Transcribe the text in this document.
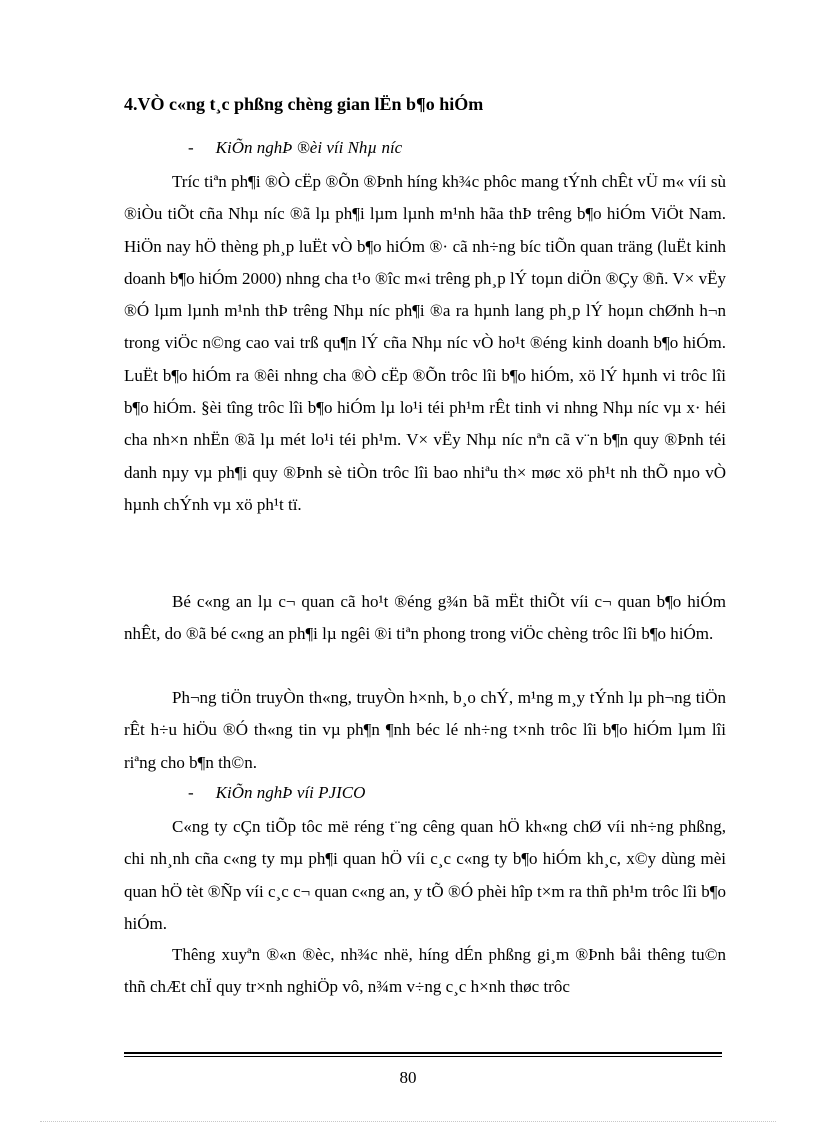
4.VÒ c«ng t¸c phßng chèng gian lËn b¶o hiÓm
- KiÕn nghÞ ®èi víi Nhµ níc
Tríc tiªn ph¶i ®Ò cËp ®Õn ®Þnh híng kh¾c phôc mang tÝnh chÊt vÜ m« víi sù ®iÒu tiÕt cña Nhµ níc ®ã lµ ph¶i lµm lµnh m¹nh hãa thÞ trêng b¶o hiÓm ViÖt Nam. HiÖn nay hÖ thèng ph¸p luËt vÒ b¶o hiÓm ®· cã nh÷ng bíc tiÕn quan träng (luËt kinh doanh b¶o hiÓm 2000) nhng cha t¹o ®îc m«i trêng ph¸p lÝ toµn diÖn ®Çy ®ñ. V× vËy ®Ó lµm lµnh m¹nh thÞ trêng Nhµ níc ph¶i ®a ra hµnh lang ph¸p lÝ hoµn chØnh h¬n trong viÖc n©ng cao vai trß qu¶n lÝ cña Nhµ níc vÒ ho¹t ®éng kinh doanh b¶o hiÓm. LuËt b¶o hiÓm ra ®êi nhng cha ®Ò cËp ®Õn trôc lîi b¶o hiÓm, xö lÝ hµnh vi trôc lîi b¶o hiÓm. §èi tîng trôc lîi b¶o hiÓm lµ lo¹i téi ph¹m rÊt tinh vi nhng Nhµ níc vµ x· héi cha nh×n nhËn ®ã lµ mét lo¹i téi ph¹m. V× vËy Nhµ níc nªn cã v¨n b¶n quy ®Þnh téi danh nµy vµ ph¶i quy ®Þnh sè tiÒn trôc lîi bao nhiªu th× møc xö ph¹t nh thÕ nµo vÒ hµnh chÝnh vµ xö ph¹t tï.
Bé c«ng an lµ c¬ quan cã ho¹t ®éng g¾n bã mËt thiÕt víi c¬ quan b¶o hiÓm nhÊt, do ®ã bé c«ng an ph¶i lµ ngêi ®i tiªn phong trong viÖc chèng trôc lîi b¶o hiÓm.
Ph¬ng tiÖn truyÒn th«ng, truyÒn h×nh, b¸o chÝ, m¹ng m¸y tÝnh lµ ph¬ng tiÖn rÊt h÷u hiÖu ®Ó th«ng tin vµ ph¶n ¶nh béc lé nh÷ng t×nh trôc lîi b¶o hiÓm lµm lîi riªng cho b¶n th©n.
- KiÕn nghÞ víi PJICO
C«ng ty cÇn tiÕp tôc më réng t¨ng cêng quan hÖ kh«ng chØ víi nh÷ng phßng, chi nh¸nh cña c«ng ty mµ ph¶i quan hÖ víi c¸c c«ng ty b¶o hiÓm kh¸c, x©y dùng mèi quan hÖ tèt ®Ñp víi c¸c c¬ quan c«ng an, y tÕ ®Ó phèi hîp t×m ra thñ ph¹m trôc lîi b¶o hiÓm.
Thêng xuyªn ®«n ®èc, nh¾c nhë, híng dÉn phßng gi¸m ®Þnh båi thêng tu©n thñ chÆt chÏ quy tr×nh nghiÖp vô, n¾m v÷ng c¸c h×nh thøc trôc
80
